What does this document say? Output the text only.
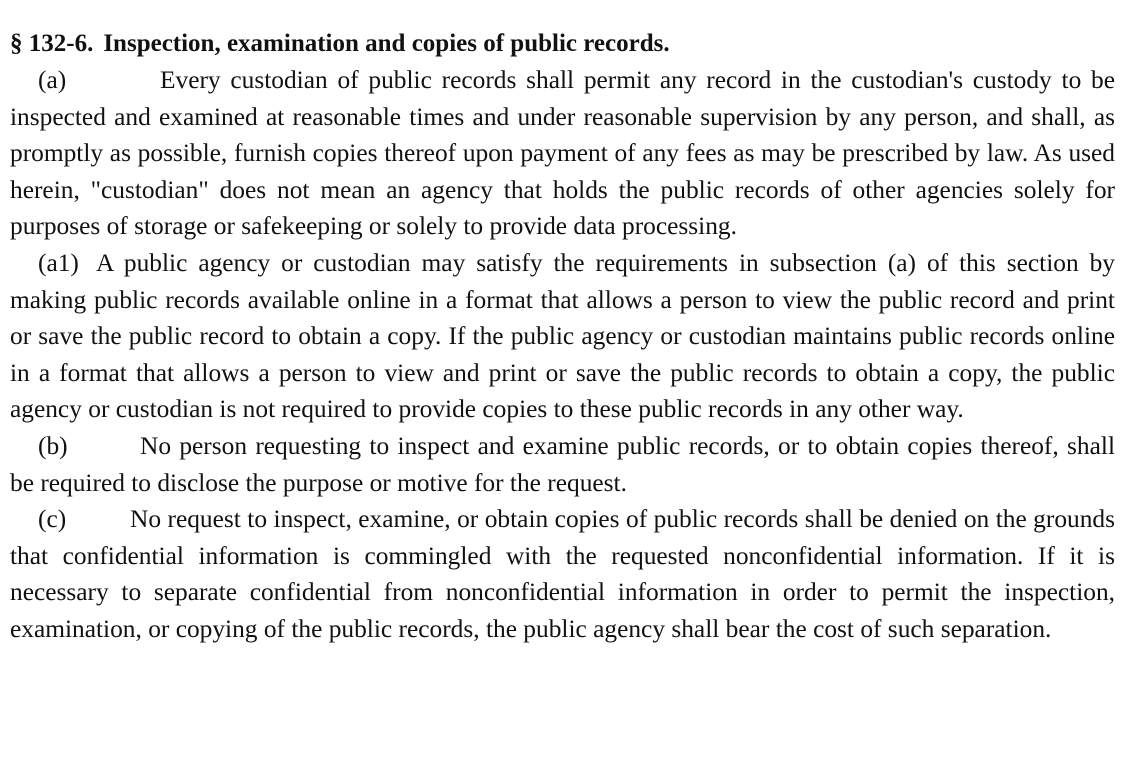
§ 132-6. Inspection, examination and copies of public records.

(a)	Every custodian of public records shall permit any record in the custodian's custody to be inspected and examined at reasonable times and under reasonable supervision by any person, and shall, as promptly as possible, furnish copies thereof upon payment of any fees as may be prescribed by law. As used herein, "custodian" does not mean an agency that holds the public records of other agencies solely for purposes of storage or safekeeping or solely to provide data processing.

(a1) A public agency or custodian may satisfy the requirements in subsection (a) of this section by making public records available online in a format that allows a person to view the public record and print or save the public record to obtain a copy. If the public agency or custodian maintains public records online in a format that allows a person to view and print or save the public records to obtain a copy, the public agency or custodian is not required to provide copies to these public records in any other way.

(b)	No person requesting to inspect and examine public records, or to obtain copies thereof, shall be required to disclose the purpose or motive for the request.

(c)	No request to inspect, examine, or obtain copies of public records shall be denied on the grounds that confidential information is commingled with the requested nonconfidential information. If it is necessary to separate confidential from nonconfidential information in order to permit the inspection, examination, or copying of the public records, the public agency shall bear the cost of such separation.
